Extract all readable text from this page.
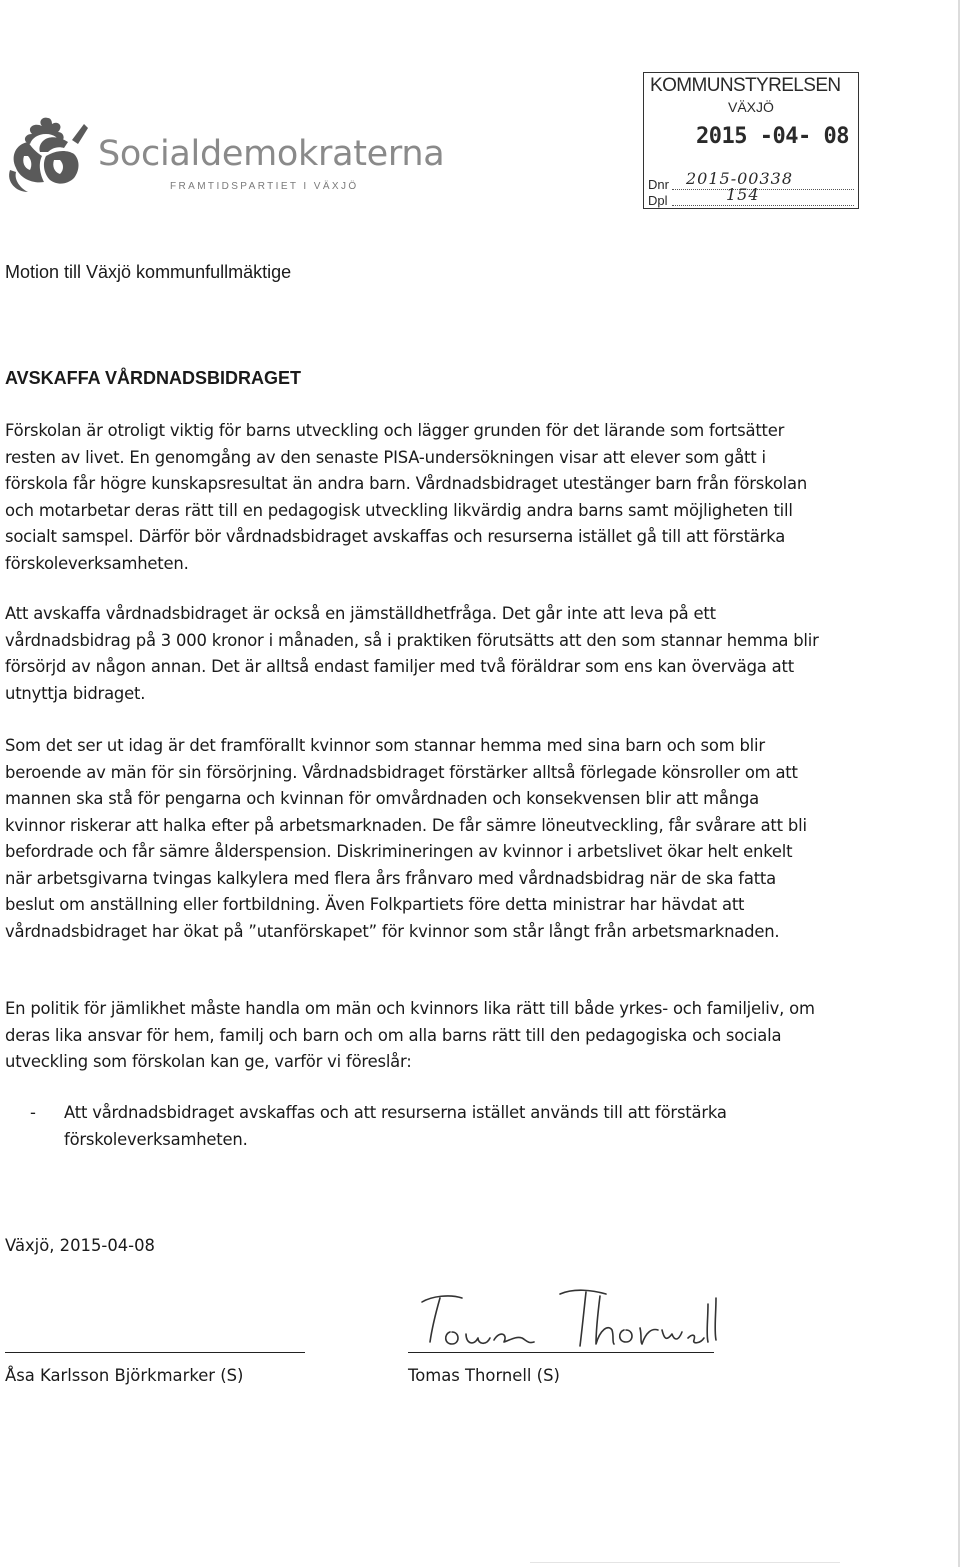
Socialdemokraterna
FRAMTIDSPARTIET I VÄXJÖ
KOMMUNSTYRELSEN
VÄXJÖ
2015 -04- 08
Dnr 2015-00338
Dpl	154
Motion till Växjö kommunfullmäktige
AVSKAFFA VÅRDNADSBIDRAGET

Förskolan är otroligt viktig för barns utveckling och lägger grunden för det lärande som fortsätter resten av livet. En genomgång av den senaste PISA-undersökningen visar att elever som gått i förskola får högre kunskapsresultat än andra barn. Vårdnadsbidraget utestänger barn från förskolan och motarbetar deras rätt till en pedagogisk utveckling likvärdig andra barns samt möjligheten till socialt samspel. Därför bör vårdnadsbidraget avskaffas och resurserna istället gå till att förstärka förskoleverksamheten.

Att avskaffa vårdnadsbidraget är också en jämställdhetfråga. Det går inte att leva på ett vårdnadsbidrag på 3 000 kronor i månaden, så i praktiken förutsätts att den som stannar hemma blir försörjd av någon annan. Det är alltså endast familjer med två föräldrar som ens kan överväga att utnyttja bidraget.

Som det ser ut idag är det framförallt kvinnor som stannar hemma med sina barn och som blir beroende av män för sin försörjning. Vårdnadsbidraget förstärker alltså förlegade könsroller om att mannen ska stå för pengarna och kvinnan för omvårdnaden och konsekvensen blir att många kvinnor riskerar att halka efter på arbetsmarknaden. De får sämre löneutveckling, får svårare att bli befordrade och får sämre ålderspension. Diskrimineringen av kvinnor i arbetslivet ökar helt enkelt när arbetsgivarna tvingas kalkylera med flera års frånvaro med vårdnadsbidrag när de ska fatta beslut om anställning eller fortbildning. Även Folkpartiets före detta ministrar har hävdat att vårdnadsbidraget har ökat på ”utanförskapet” för kvinnor som står långt från arbetsmarknaden.

En politik för jämlikhet måste handla om män och kvinnors lika rätt till både yrkes- och familjeliv, om deras lika ansvar för hem, familj och barn och om alla barns rätt till den pedagogiska och sociala utveckling som förskolan kan ge, varför vi föreslår:

-	Att vårdnadsbidraget avskaffas och att resurserna istället används till att förstärka förskoleverksamheten.

Växjö, 2015-04-08
Åsa Karlsson Björkmarker (S)	Tomas Thornell (S)
